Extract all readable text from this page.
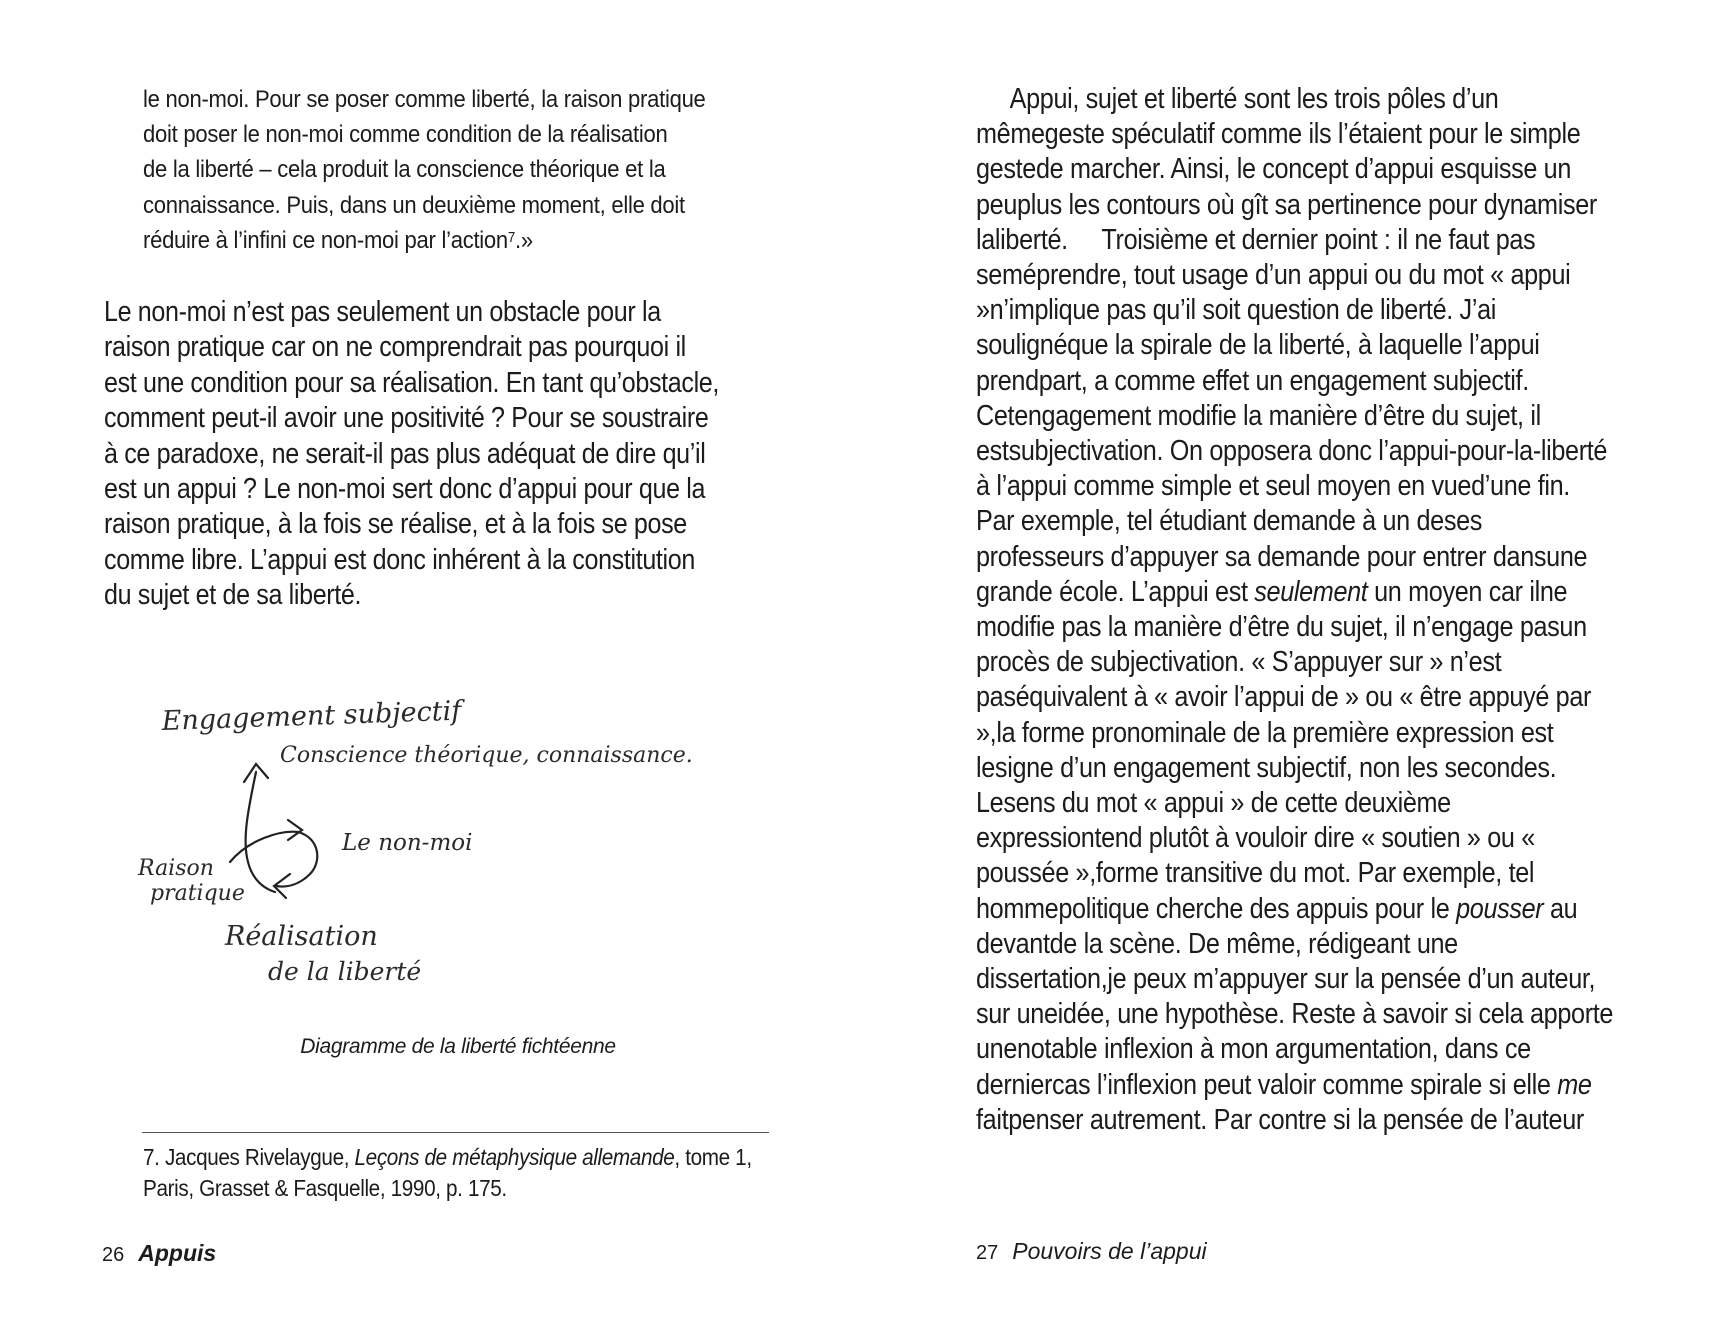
le non-moi. Pour se poser comme liberté, la raison pratique
doit poser le non-moi comme condition de la réalisation
de la liberté – cela produit la conscience théorique et la
connaissance. Puis, dans un deuxième moment, elle doit
réduire à l’infini ce non-moi par l’action$^7$.»
Le non-moi n’est pas seulement un obstacle pour la raison pratique car on ne comprendrait pas pourquoi il est une condition pour sa réalisation. En tant qu’obstacle, comment peut-il avoir une positivité ? Pour se soustraire à ce paradoxe, ne serait-il pas plus adéquat de dire qu’il est un appui ? Le non-moi sert donc d’appui pour que la raison pratique, à la fois se réalise, et à la fois se pose comme libre. L’appui est donc inhérent à la constitution du sujet et de sa liberté.
Engagement subjectif
Conscience théorique, connaissance.
Le non-moi
Raison
pratique
Réalisation
de la liberté
Diagramme de la liberté fichtéenne
7. Jacques Rivelaygue, Leçons de métaphysique allemande, tome 1,
Paris, Grasset & Fasquelle, 1990, p. 175.
26 Appuis
Appui, sujet et liberté sont les trois pôles d’un mêmegeste spéculatif comme ils l’étaient pour le simple gestede marcher. Ainsi, le concept d’appui esquisse un peuplus les contours où gît sa pertinence pour dynamiser laliberté. Troisième et dernier point : il ne faut pas seméprendre, tout usage d’un appui ou du mot « appui »n’implique pas qu’il soit question de liberté. J’ai soulignéque la spirale de la liberté, à laquelle l’appui prendpart, a comme effet un engagement subjectif. Cetengagement modifie la manière d’être du sujet, il estsubjectivation. On opposera donc l’appui-pour-la-liberté à l’appui comme simple et seul moyen en vued’une fin. Par exemple, tel étudiant demande à un deses professeurs d’appuyer sa demande pour entrer dansune grande école. L’appui est seulement un moyen car ilne modifie pas la manière d’être du sujet, il n’engage pasun procès de subjectivation. « S’appuyer sur » n’est paséquivalent à « avoir l’appui de » ou « être appuyé par »,la forme pronominale de la première expression est lesigne d’un engagement subjectif, non les secondes. Lesens du mot « appui » de cette deuxième expressiontend plutôt à vouloir dire « soutien » ou « poussée »,forme transitive du mot. Par exemple, tel hommepolitique cherche des appuis pour le pousser au devantde la scène. De même, rédigeant une dissertation,je peux m’appuyer sur la pensée d’un auteur, sur uneidée, une hypothèse. Reste à savoir si cela apporte unenotable inflexion à mon argumentation, dans ce derniercas l’inflexion peut valoir comme spirale si elle me faitpenser autrement. Par contre si la pensée de l’auteur
27 Pouvoirs de l’appui
